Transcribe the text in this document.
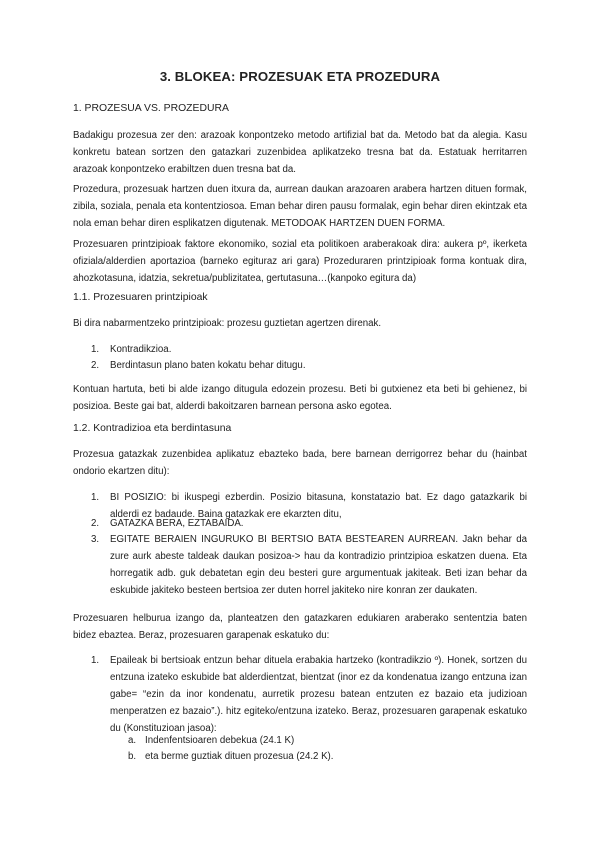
3. BLOKEA: PROZESUAK ETA PROZEDURA
1. PROZESUA VS. PROZEDURA
Badakigu prozesua zer den: arazoak konpontzeko metodo artifizial bat da. Metodo bat da alegia. Kasu konkretu batean sortzen den gatazkari zuzenbidea aplikatzeko tresna bat da. Estatuak herritarren arazoak konpontzeko erabiltzen duen tresna bat da.
Prozedura, prozesuak hartzen duen itxura da, aurrean daukan arazoaren arabera hartzen dituen formak, zibila, soziala, penala eta kontentziosoa. Eman behar diren pausu formalak, egin behar diren ekintzak eta nola eman behar diren esplikatzen digutenak. METODOAK HARTZEN DUEN FORMA.
Prozesuaren printzipioak faktore ekonomiko, sozial eta politikoen araberakoak dira: aukera pº, ikerketa ofiziala/alderdien aportazioa (barneko egituraz ari gara) Prozeduraren printzipioak forma kontuak dira, ahozkotasuna, idatzia, sekretua/publizitatea, gertutasuna…(kanpoko egitura da)
1.1. Prozesuaren printzipioak
Bi dira nabarmentzeko printzipioak: prozesu guztietan agertzen direnak.
1. Kontradikzioa.
2. Berdintasun plano baten kokatu behar ditugu.
Kontuan hartuta, beti bi alde izango ditugula edozein prozesu. Beti bi gutxienez eta beti bi gehienez, bi posizioa. Beste gai bat, alderdi bakoitzaren barnean persona asko egotea.
1.2. Kontradizioa eta berdintasuna
Prozesua gatazkak zuzenbidea aplikatuz ebazteko bada, bere barnean derrigorrez behar du (hainbat ondorio ekartzen ditu):
1. BI POSIZIO: bi ikuspegi ezberdin. Posizio bitasuna, konstatazio bat. Ez dago gatazkarik bi alderdi ez badaude. Baina gatazkak ere ekarzten ditu,
2. GATAZKA BERA, EZTABAIDA.
3. EGITATE BERAIEN INGURUKO BI BERTSIO BATA BESTEAREN AURREAN. Jakn behar da zure aurk abeste taldeak daukan posizoa-> hau da kontradizio printzipioa eskatzen duena. Eta horregatik adb. guk debatetan egin deu besteri gure argumentuak jakiteak. Beti izan behar da eskubide jakiteko besteen bertsioa zer duten horrel jakiteko nire konran zer daukaten.
Prozesuaren helburua izango da, planteatzen den gatazkaren edukiaren araberako sententzia baten bidez ebaztea. Beraz, prozesuaren garapenak eskatuko du:
1. Epaileak bi bertsioak entzun behar dituela erabakia hartzeko (kontradikzio º). Honek, sortzen du entzuna izateko eskubide bat alderdientzat, bientzat (inor ez da kondenatua izango entzuna izan gabe= “ezin da inor kondenatu, aurretik prozesu batean entzuten ez bazaio eta judizioan menperatzen ez bazaio”.). hitz egiteko/entzuna izateko. Beraz, prozesuaren garapenak eskatuko du (Konstituzioan jasoa):
a. Indenfentsioaren debekua (24.1 K)
b. eta berme guztiak dituen prozesua (24.2 K).
